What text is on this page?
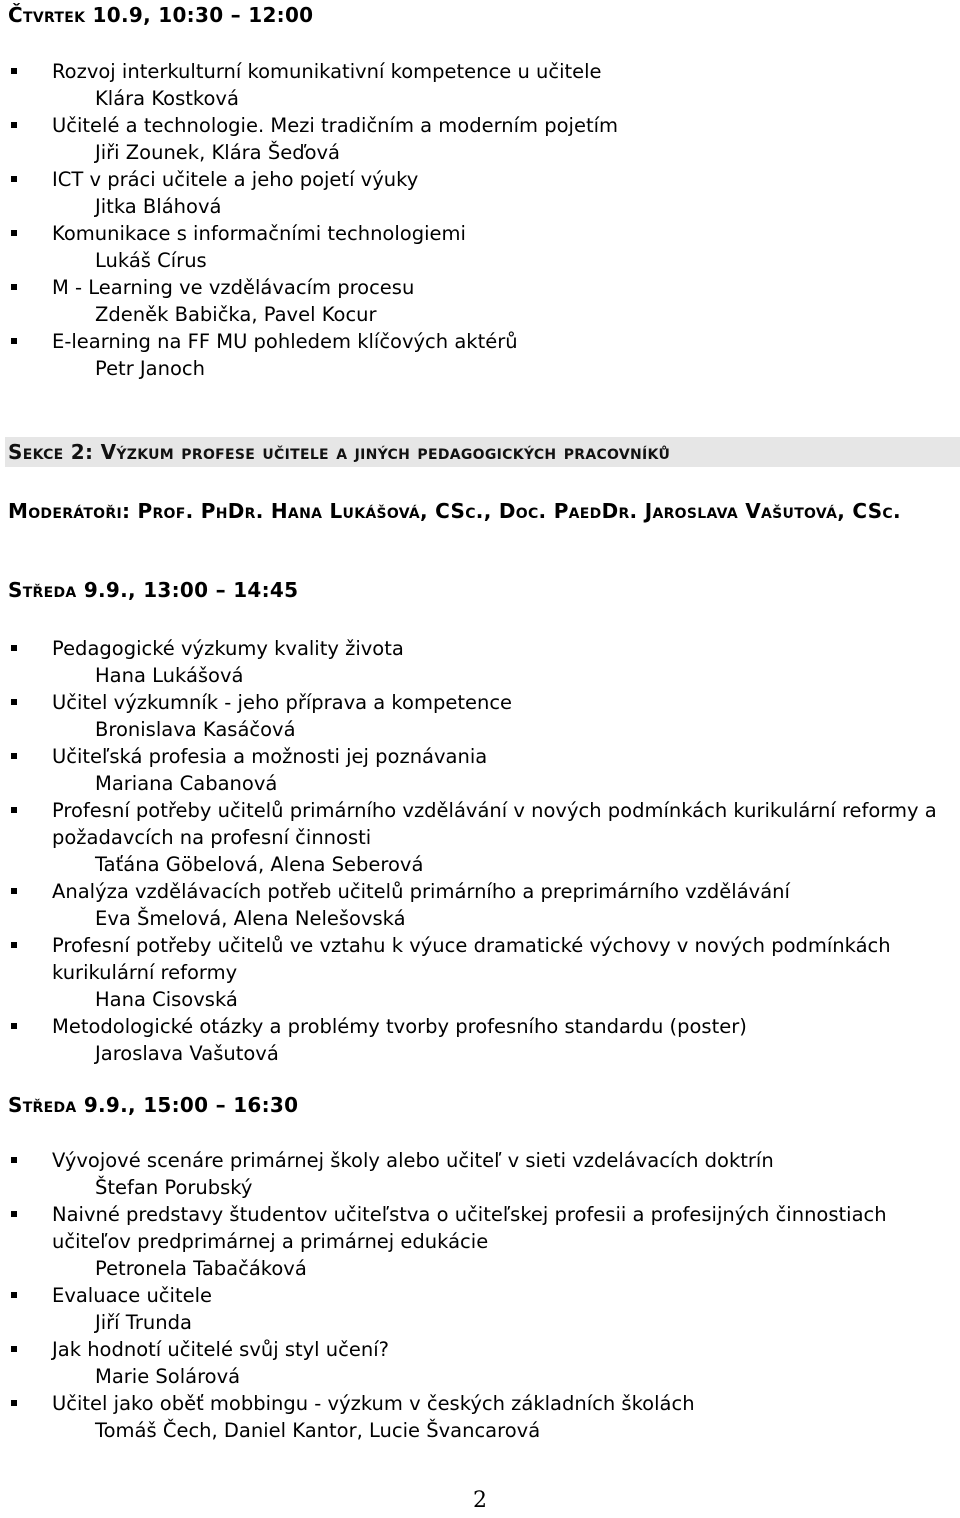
Čtvrtek 10.9, 10:30 – 12:00
Rozvoj interkulturní komunikativní kompetence u učitele
Klára Kostková
Učitelé a technologie. Mezi tradičním a moderním pojetím
Jiři Zounek, Klára Šeďová
ICT v práci učitele a jeho pojetí výuky
Jitka Bláhová
Komunikace s informačními technologiemi
Lukáš Círus
M - Learning ve vzdělávacím procesu
Zdeněk Babička, Pavel Kocur
E-learning na FF MU pohledem klíčových aktérů
Petr Janoch
Sekce 2: Výzkum profese učitele a jiných pedagogických pracovníků
Moderátoři: Prof. PhDr. Hana Lukášová, CSc., Doc. PaedDr. Jaroslava Vašutová, CSc.
Středa 9.9., 13:00 – 14:45
Pedagogické výzkumy kvality života
Hana Lukášová
Učitel výzkumník - jeho příprava a kompetence
Bronislava Kasáčová
Učiteľská profesia a možnosti jej poznávania
Mariana Cabanová
Profesní potřeby učitelů primárního vzdělávání v nových podmínkách kurikulární reformy a požadavcích na profesní činnosti
Taťána Göbelová, Alena Seberová
Analýza vzdělávacích potřeb učitelů primárního a preprimárního vzdělávání
Eva Šmelová, Alena Nelešovská
Profesní potřeby učitelů ve vztahu k výuce dramatické výchovy v nových podmínkách kurikulární reformy
Hana Cisovská
Metodologické otázky a problémy tvorby profesního standardu (poster)
Jaroslava Vašutová
Středa 9.9., 15:00 – 16:30
Vývojové scenáre primárnej školy alebo učiteľ v sieti vzdelávacích doktrín
Štefan Porubský
Naivné predstavy študentov učiteľstva o učiteľskej profesii a profesijných činnostiach učiteľov predprimárnej a primárnej edukácie
Petronela Tabačáková
Evaluace učitele
Jiří Trunda
Jak hodnotí učitelé svůj styl učení?
Marie Solárová
Učitel jako oběť mobbingu - výzkum v českých základních školách
Tomáš Čech, Daniel Kantor, Lucie Švancarová
2
